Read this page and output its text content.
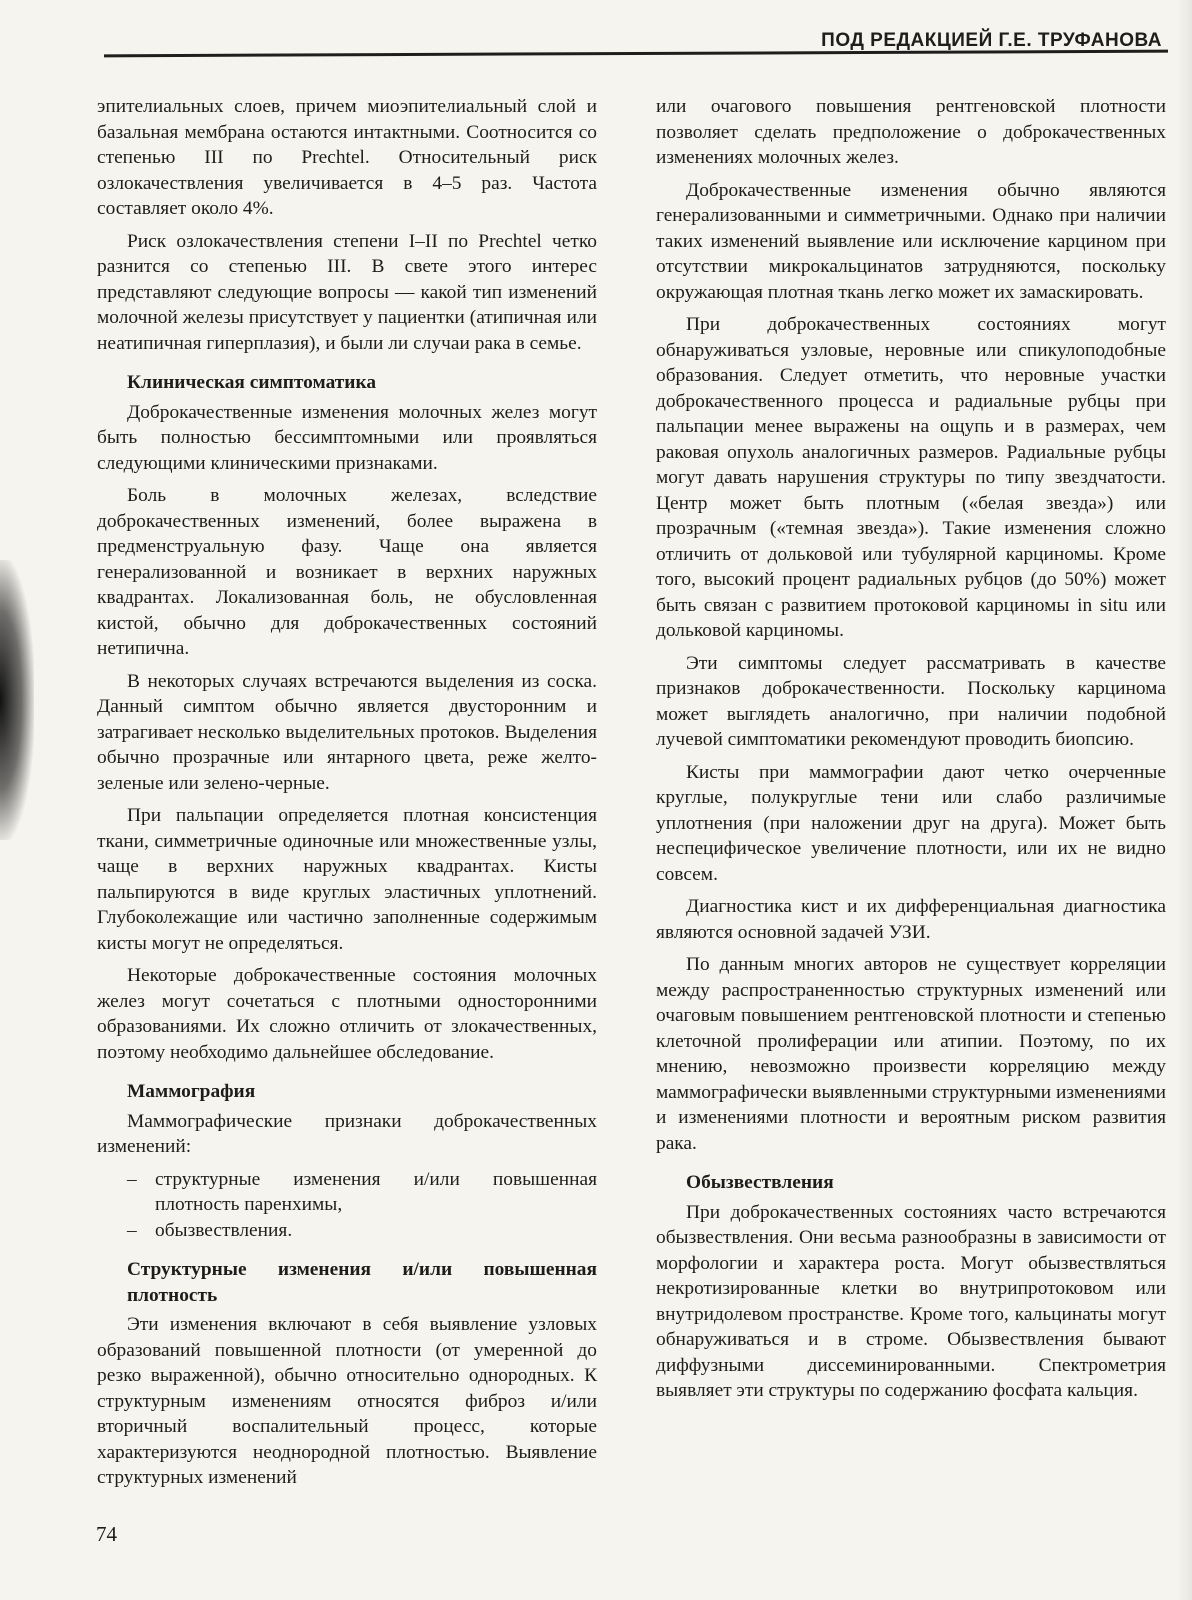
ПОД РЕДАКЦИЕЙ Г.Е. ТРУФАНОВА

эпителиальных слоев, причем миоэпителиальный слой и базальная мембрана остаются интактными. Соотносится со степенью III по Prechtel. Относительный риск озлокачествления увеличивается в 4–5 раз. Частота составляет около 4%.

Риск озлокачествления степени I–II по Prechtel четко разнится со степенью III. В свете этого интерес представляют следующие вопросы — какой тип изменений молочной железы присутствует у пациентки (атипичная или неатипичная гиперплазия), и были ли случаи рака в семье.

Клиническая симптоматика

Доброкачественные изменения молочных желез могут быть полностью бессимптомными или проявляться следующими клиническими признаками.

Боль в молочных железах, вследствие доброкачественных изменений, более выражена в предменструальную фазу. Чаще она является генерализованной и возникает в верхних наружных квадрантах. Локализованная боль, не обусловленная кистой, обычно для доброкачественных состояний нетипична.

В некоторых случаях встречаются выделения из соска. Данный симптом обычно является двусторонним и затрагивает несколько выделительных протоков. Выделения обычно прозрачные или янтарного цвета, реже желто-зеленые или зелено-черные.

При пальпации определяется плотная консистенция ткани, симметричные одиночные или множественные узлы, чаще в верхних наружных квадрантах. Кисты пальпируются в виде круглых эластичных уплотнений. Глубоколежащие или частично заполненные содержимым кисты могут не определяться.

Некоторые доброкачественные состояния молочных желез могут сочетаться с плотными односторонними образованиями. Их сложно отличить от злокачественных, поэтому необходимо дальнейшее обследование.

Маммография

Маммографические признаки доброкачественных изменений:

– структурные изменения и/или повышенная плотность паренхимы,
– обызвествления.
Структурные изменения и/или повышенная плотность

Эти изменения включают в себя выявление узловых образований повышенной плотности (от умеренной до резко выраженной), обычно относительно однородных. К структурным изменениям относятся фиброз и/или вторичный воспалительный процесс, которые характеризуются неоднородной плотностью. Выявление структурных изменений

или очагового повышения рентгеновской плотности позволяет сделать предположение о доброкачественных изменениях молочных желез.

Доброкачественные изменения обычно являются генерализованными и симметричными. Однако при наличии таких изменений выявление или исключение карцином при отсутствии микрокальцинатов затрудняются, поскольку окружающая плотная ткань легко может их замаскировать.

При доброкачественных состояниях могут обнаруживаться узловые, неровные или спикулоподобные образования. Следует отметить, что неровные участки доброкачественного процесса и радиальные рубцы при пальпации менее выражены на ощупь и в размерах, чем раковая опухоль аналогичных размеров. Радиальные рубцы могут давать нарушения структуры по типу звездчатости. Центр может быть плотным («белая звезда») или прозрачным («темная звезда»). Такие изменения сложно отличить от дольковой или тубулярной карциномы. Кроме того, высокий процент радиальных рубцов (до 50%) может быть связан с развитием протоковой карциномы in situ или дольковой карциномы.

Эти симптомы следует рассматривать в качестве признаков доброкачественности. Поскольку карцинома может выглядеть аналогично, при наличии подобной лучевой симптоматики рекомендуют проводить биопсию.

Кисты при маммографии дают четко очерченные круглые, полукруглые тени или слабо различимые уплотнения (при наложении друг на друга). Может быть неспецифическое увеличение плотности, или их не видно совсем.

Диагностика кист и их дифференциальная диагностика являются основной задачей УЗИ.

По данным многих авторов не существует корреляции между распространенностью структурных изменений или очаговым повышением рентгеновской плотности и степенью клеточной пролиферации или атипии. Поэтому, по их мнению, невозможно произвести корреляцию между маммографически выявленными структурными изменениями и изменениями плотности и вероятным риском развития рака.

Обызвествления

При доброкачественных состояниях часто встречаются обызвествления. Они весьма разнообразны в зависимости от морфологии и характера роста. Могут обызвествляться некротизированные клетки во внутрипротоковом или внутридолевом пространстве. Кроме того, кальцинаты могут обнаруживаться и в строме. Обызвествления бывают диффузными диссеминированными. Спектрометрия выявляет эти структуры по содержанию фосфата кальция.

74
